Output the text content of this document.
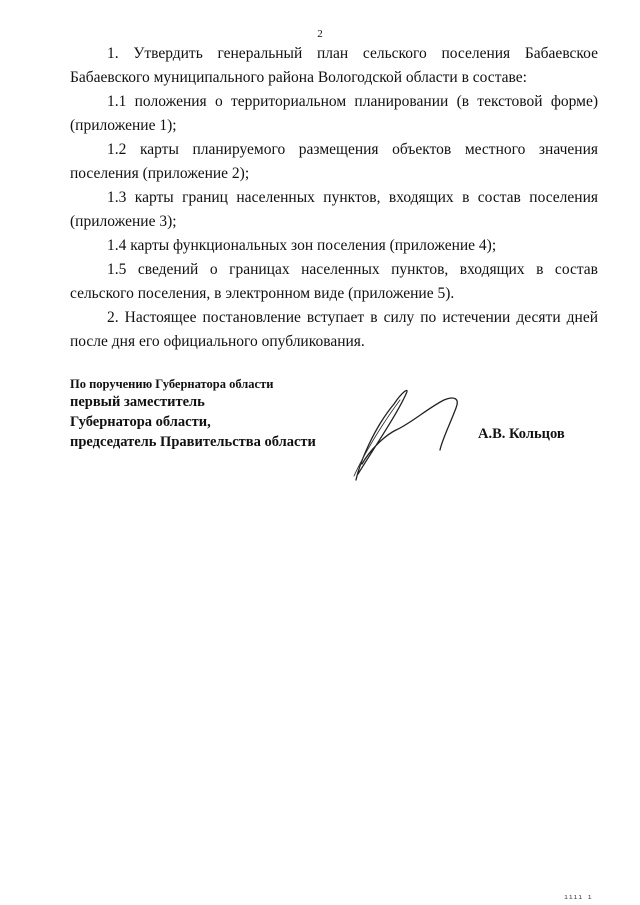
2

1. Утвердить генеральный план сельского поселения Бабаевское Бабаевского муниципального района Вологодской области в составе:

1.1 положения о территориальном планировании (в текстовой форме) (приложение 1);

1.2 карты планируемого размещения объектов местного значения поселения (приложение 2);

1.3 карты границ населенных пунктов, входящих в состав поселения (приложение 3);

1.4 карты функциональных зон поселения (приложение 4);

1.5 сведений о границах населенных пунктов, входящих в состав сельского поселения, в электронном виде (приложение 5).

2. Настоящее постановление вступает в силу по истечении десяти дней после дня его официального опубликования.

По поручению Губернатора области
первый заместитель
Губернатора области,
председатель Правительства области	А.В. Кольцов
ıııı ı
